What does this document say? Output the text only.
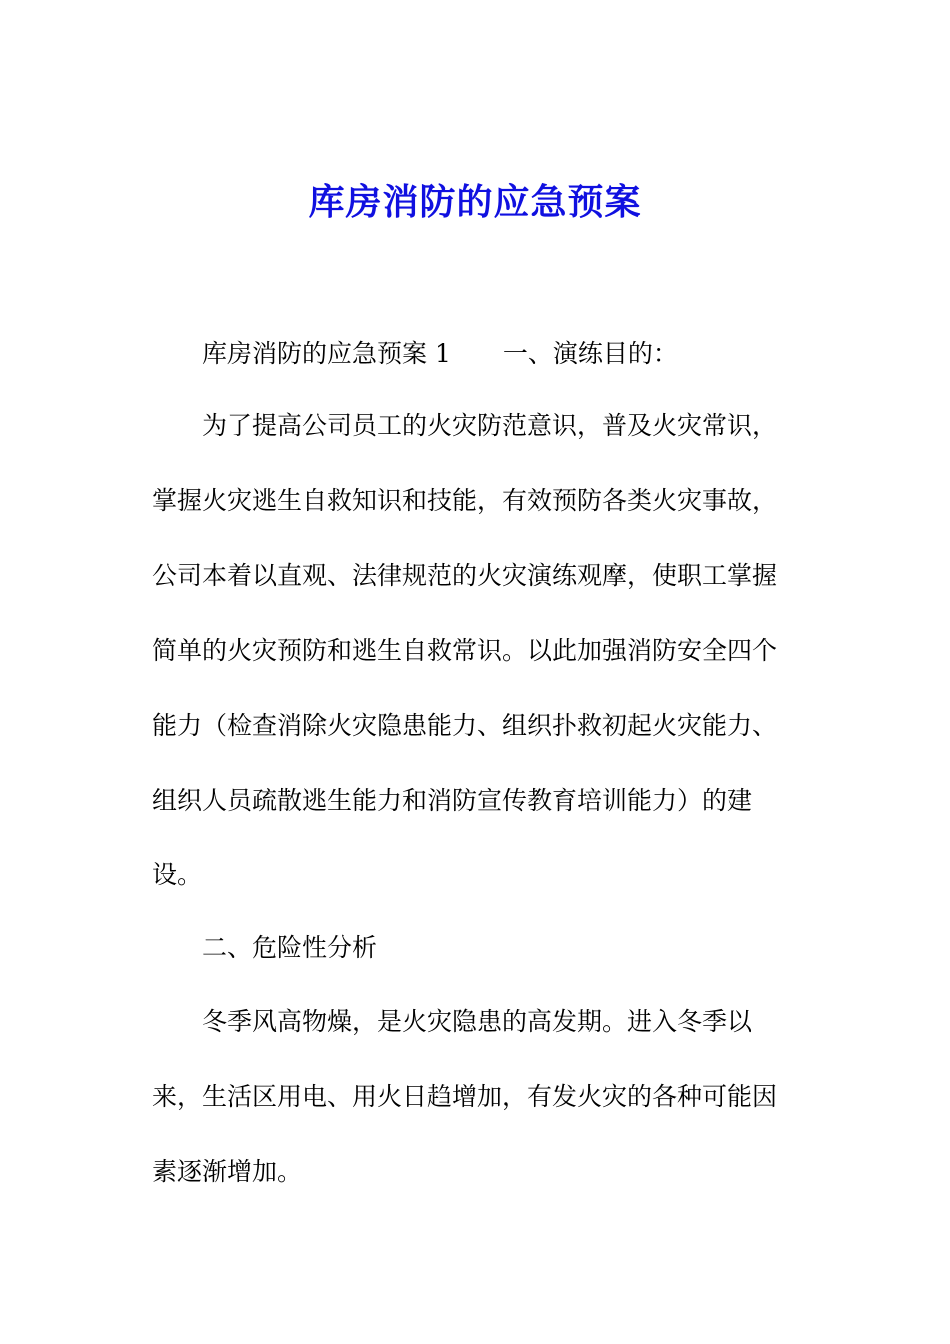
库房消防的应急预案
库房消防的应急预案 1 一、演练目的：
为了提高公司员工的火灾防范意识，普及火灾常识，
掌握火灾逃生自救知识和技能，有效预防各类火灾事故，
公司本着以直观、法律规范的火灾演练观摩，使职工掌握
简单的火灾预防和逃生自救常识。以此加强消防安全四个
能力（检查消除火灾隐患能力、组织扑救初起火灾能力、
组织人员疏散逃生能力和消防宣传教育培训能力）的建
设。
二、危险性分析
冬季风高物燥，是火灾隐患的高发期。进入冬季以
来，生活区用电、用火日趋增加，有发火灾的各种可能因
素逐渐增加。
